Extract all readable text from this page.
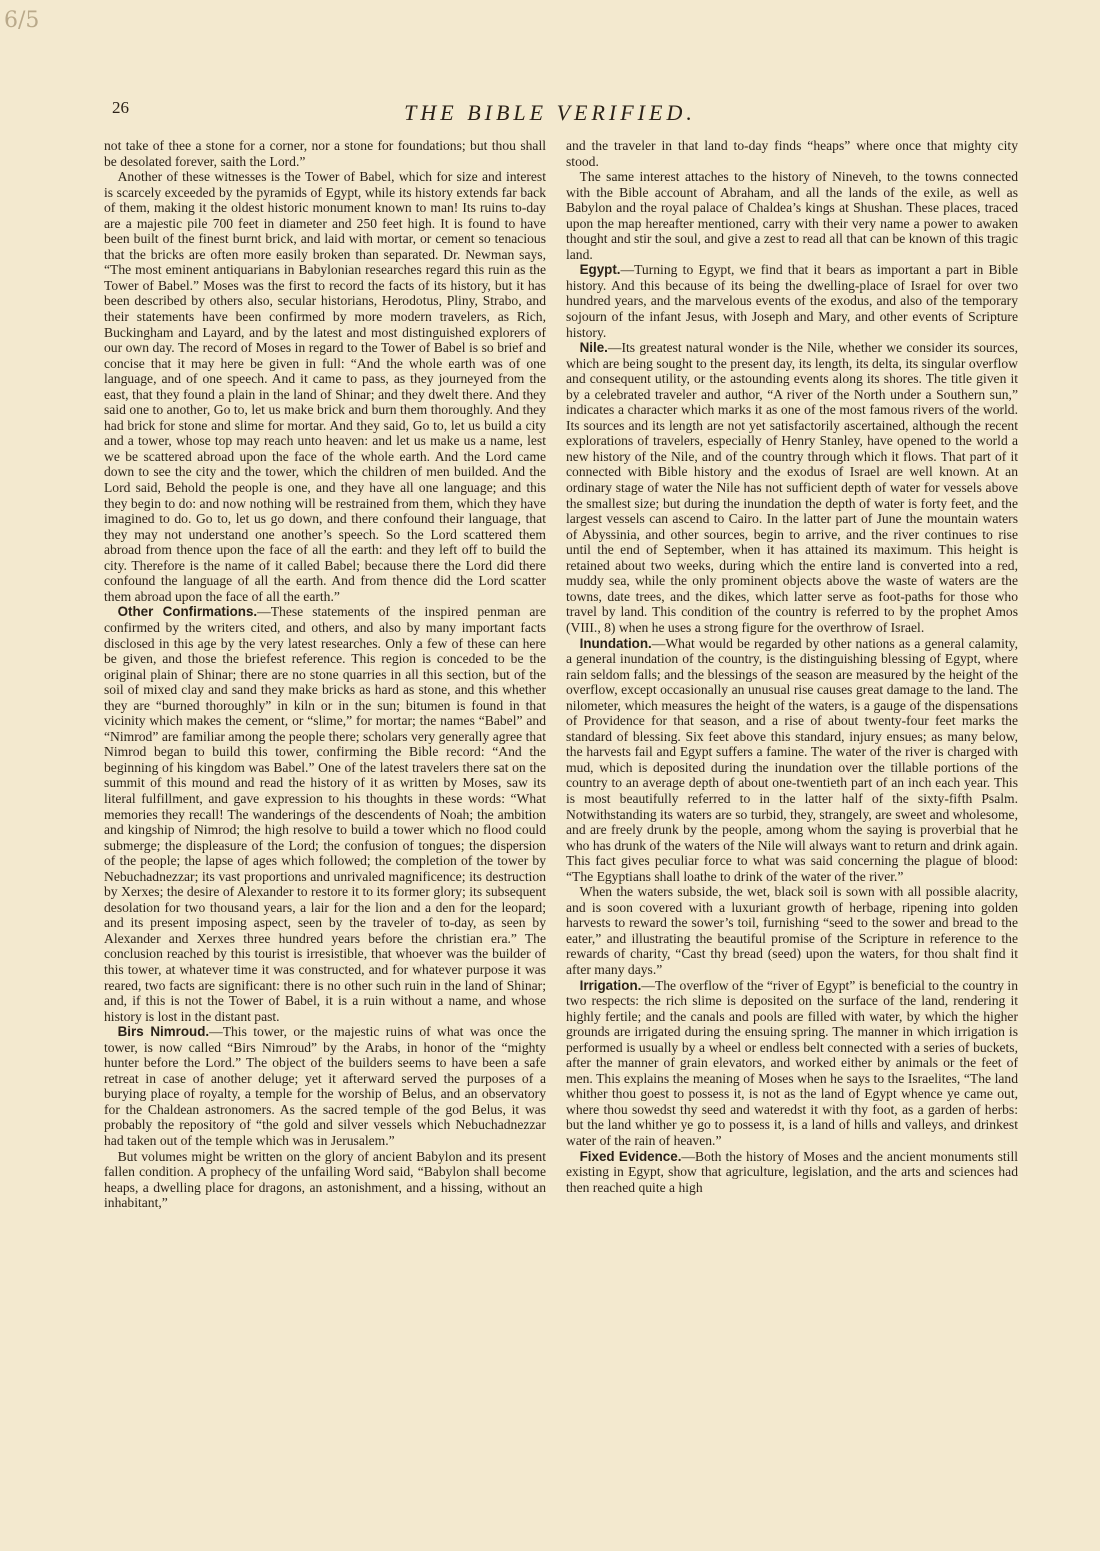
6/5
26	THE BIBLE VERIFIED.

not take of thee a stone for a corner, nor a stone for foundations; but thou shall be desolated forever, saith the Lord.”

Another of these witnesses is the Tower of Babel, which for size and interest is scarcely exceeded by the pyramids of Egypt, while its history extends far back of them, making it the oldest historic monument known to man! Its ruins to-day are a majestic pile 700 feet in diameter and 250 feet high. It is found to have been built of the finest burnt brick, and laid with mortar, or cement so tenacious that the bricks are often more easily broken than separated. Dr. Newman says, “The most eminent antiquarians in Babylonian researches regard this ruin as the Tower of Babel.” Moses was the first to record the facts of its history, but it has been described by others also, secular historians, Herodotus, Pliny, Strabo, and their statements have been confirmed by more modern travelers, as Rich, Buckingham and Layard, and by the latest and most distinguished explorers of our own day. The record of Moses in regard to the Tower of Babel is so brief and concise that it may here be given in full: “And the whole earth was of one language, and of one speech. And it came to pass, as they journeyed from the east, that they found a plain in the land of Shinar; and they dwelt there. And they said one to another, Go to, let us make brick and burn them thoroughly. And they had brick for stone and slime for mortar. And they said, Go to, let us build a city and a tower, whose top may reach unto heaven: and let us make us a name, lest we be scattered abroad upon the face of the whole earth. And the Lord came down to see the city and the tower, which the children of men builded. And the Lord said, Behold the people is one, and they have all one language; and this they begin to do: and now nothing will be restrained from them, which they have imagined to do. Go to, let us go down, and there confound their language, that they may not understand one another’s speech. So the Lord scattered them abroad from thence upon the face of all the earth: and they left off to build the city. Therefore is the name of it called Babel; because there the Lord did there confound the language of all the earth. And from thence did the Lord scatter them abroad upon the face of all the earth.”

Other Confirmations.—These statements of the inspired penman are confirmed by the writers cited, and others, and also by many important facts disclosed in this age by the very latest researches. Only a few of these can here be given, and those the briefest reference. This region is conceded to be the original plain of Shinar; there are no stone quarries in all this section, but of the soil of mixed clay and sand they make bricks as hard as stone, and this whether they are “burned thoroughly” in kiln or in the sun; bitumen is found in that vicinity which makes the cement, or “slime,” for mortar; the names “Babel” and “Nimrod” are familiar among the people there; scholars very generally agree that Nimrod began to build this tower, confirming the Bible record: “And the beginning of his kingdom was Babel.” One of the latest travelers there sat on the summit of this mound and read the history of it as written by Moses, saw its literal fulfillment, and gave expression to his thoughts in these words: “What memories they recall! The wanderings of the descendents of Noah; the ambition and kingship of Nimrod; the high resolve to build a tower which no flood could submerge; the displeasure of the Lord; the confusion of tongues; the dispersion of the people; the lapse of ages which followed; the completion of the tower by Nebuchadnezzar; its vast proportions and unrivaled magnificence; its destruction by Xerxes; the desire of Alexander to restore it to its former glory; its subsequent desolation for two thousand years, a lair for the lion and a den for the leopard; and its present imposing aspect, seen by the traveler of to-day, as seen by Alexander and Xerxes three hundred years before the christian era.” The conclusion reached by this tourist is irresistible, that whoever was the builder of this tower, at whatever time it was constructed, and for whatever purpose it was reared, two facts are significant: there is no other such ruin in the land of Shinar; and, if this is not the Tower of Babel, it is a ruin without a name, and whose history is lost in the distant past.

Birs Nimroud.—This tower, or the majestic ruins of what was once the tower, is now called “Birs Nimroud” by the Arabs, in honor of the “mighty hunter before the Lord.” The object of the builders seems to have been a safe retreat in case of another deluge; yet it afterward served the purposes of a burying place of royalty, a temple for the worship of Belus, and an observatory for the Chaldean astronomers. As the sacred temple of the god Belus, it was probably the repository of “the gold and silver vessels which Nebuchadnezzar had taken out of the temple which was in Jerusalem.”

But volumes might be written on the glory of ancient Babylon and its present fallen condition. A prophecy of the unfailing Word said, “Babylon shall become heaps, a dwelling place for dragons, an astonishment, and a hissing, without an inhabitant,”

and the traveler in that land to-day finds “heaps” where once that mighty city stood.

The same interest attaches to the history of Nineveh, to the towns connected with the Bible account of Abraham, and all the lands of the exile, as well as Babylon and the royal palace of Chaldea’s kings at Shushan. These places, traced upon the map hereafter mentioned, carry with their very name a power to awaken thought and stir the soul, and give a zest to read all that can be known of this tragic land.

Egypt.—Turning to Egypt, we find that it bears as important a part in Bible history. And this because of its being the dwelling-place of Israel for over two hundred years, and the marvelous events of the exodus, and also of the temporary sojourn of the infant Jesus, with Joseph and Mary, and other events of Scripture history.

Nile.—Its greatest natural wonder is the Nile, whether we consider its sources, which are being sought to the present day, its length, its delta, its singular overflow and consequent utility, or the astounding events along its shores. The title given it by a celebrated traveler and author, “A river of the North under a Southern sun,” indicates a character which marks it as one of the most famous rivers of the world. Its sources and its length are not yet satisfactorily ascertained, although the recent explorations of travelers, especially of Henry Stanley, have opened to the world a new history of the Nile, and of the country through which it flows. That part of it connected with Bible history and the exodus of Israel are well known. At an ordinary stage of water the Nile has not sufficient depth of water for vessels above the smallest size; but during the inundation the depth of water is forty feet, and the largest vessels can ascend to Cairo. In the latter part of June the mountain waters of Abyssinia, and other sources, begin to arrive, and the river continues to rise until the end of September, when it has attained its maximum. This height is retained about two weeks, during which the entire land is converted into a red, muddy sea, while the only prominent objects above the waste of waters are the towns, date trees, and the dikes, which latter serve as foot-paths for those who travel by land. This condition of the country is referred to by the prophet Amos (VIII., 8) when he uses a strong figure for the overthrow of Israel.

Inundation.—What would be regarded by other nations as a general calamity, a general inundation of the country, is the distinguishing blessing of Egypt, where rain seldom falls; and the blessings of the season are measured by the height of the overflow, except occasionally an unusual rise causes great damage to the land. The nilometer, which measures the height of the waters, is a gauge of the dispensations of Providence for that season, and a rise of about twenty-four feet marks the standard of blessing. Six feet above this standard, injury ensues; as many below, the harvests fail and Egypt suffers a famine. The water of the river is charged with mud, which is deposited during the inundation over the tillable portions of the country to an average depth of about one-twentieth part of an inch each year. This is most beautifully referred to in the latter half of the sixty-fifth Psalm. Notwithstanding its waters are so turbid, they, strangely, are sweet and wholesome, and are freely drunk by the people, among whom the saying is proverbial that he who has drunk of the waters of the Nile will always want to return and drink again. This fact gives peculiar force to what was said concerning the plague of blood: “The Egyptians shall loathe to drink of the water of the river.”

When the waters subside, the wet, black soil is sown with all possible alacrity, and is soon covered with a luxuriant growth of herbage, ripening into golden harvests to reward the sower’s toil, furnishing “seed to the sower and bread to the eater,” and illustrating the beautiful promise of the Scripture in reference to the rewards of charity, “Cast thy bread (seed) upon the waters, for thou shalt find it after many days.”

Irrigation.—The overflow of the “river of Egypt” is beneficial to the country in two respects: the rich slime is deposited on the surface of the land, rendering it highly fertile; and the canals and pools are filled with water, by which the higher grounds are irrigated during the ensuing spring. The manner in which irrigation is performed is usually by a wheel or endless belt connected with a series of buckets, after the manner of grain elevators, and worked either by animals or the feet of men. This explains the meaning of Moses when he says to the Israelites, “The land whither thou goest to possess it, is not as the land of Egypt whence ye came out, where thou sowedst thy seed and wateredst it with thy foot, as a garden of herbs: but the land whither ye go to possess it, is a land of hills and valleys, and drinkest water of the rain of heaven.”

Fixed Evidence.—Both the history of Moses and the ancient monuments still existing in Egypt, show that agriculture, legislation, and the arts and sciences had then reached quite a high
